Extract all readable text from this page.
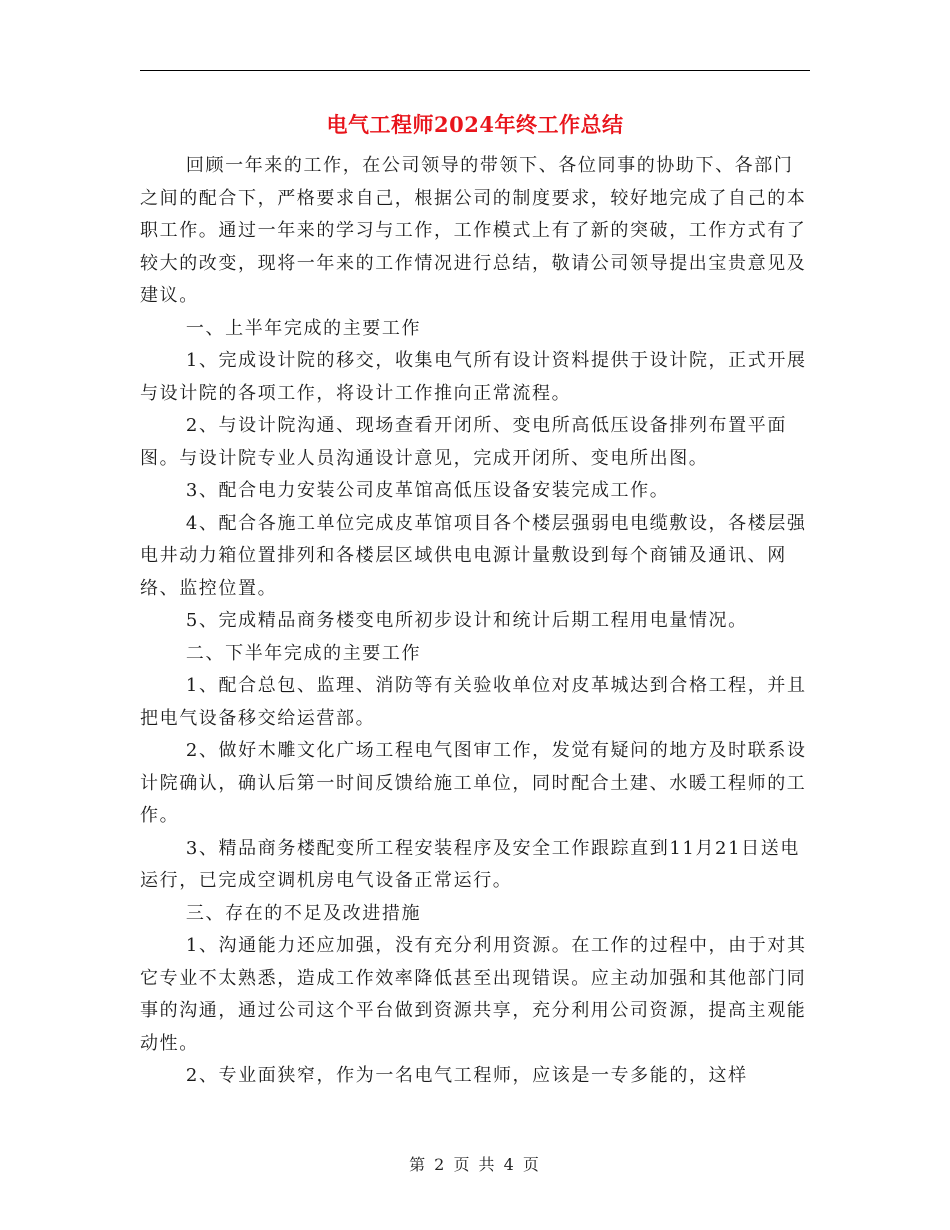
电气工程师2024年终工作总结

回顾一年来的工作，在公司领导的带领下、各位同事的协助下、各部门之间的配合下，严格要求自己，根据公司的制度要求，较好地完成了自己的本职工作。通过一年来的学习与工作，工作模式上有了新的突破，工作方式有了较大的改变，现将一年来的工作情况进行总结，敬请公司领导提出宝贵意见及建议。

一、上半年完成的主要工作

1、完成设计院的移交，收集电气所有设计资料提供于设计院，正式开展与设计院的各项工作，将设计工作推向正常流程。

2、与设计院沟通、现场查看开闭所、变电所高低压设备排列布置平面图。与设计院专业人员沟通设计意见，完成开闭所、变电所出图。

3、配合电力安装公司皮革馆高低压设备安装完成工作。

4、配合各施工单位完成皮革馆项目各个楼层强弱电电缆敷设，各楼层强电井动力箱位置排列和各楼层区域供电电源计量敷设到每个商铺及通讯、网络、监控位置。

5、完成精品商务楼变电所初步设计和统计后期工程用电量情况。

二、下半年完成的主要工作

1、配合总包、监理、消防等有关验收单位对皮革城达到合格工程，并且把电气设备移交给运营部。

2、做好木雕文化广场工程电气图审工作，发觉有疑问的地方及时联系设计院确认，确认后第一时间反馈给施工单位，同时配合土建、水暖工程师的工作。

3、精品商务楼配变所工程安装程序及安全工作跟踪直到11月21日送电运行，已完成空调机房电气设备正常运行。

三、存在的不足及改进措施

1、沟通能力还应加强，没有充分利用资源。在工作的过程中，由于对其它专业不太熟悉，造成工作效率降低甚至出现错误。应主动加强和其他部门同事的沟通，通过公司这个平台做到资源共享，充分利用公司资源，提高主观能动性。

2、专业面狭窄，作为一名电气工程师，应该是一专多能的，这样

第 2 页 共 4 页
